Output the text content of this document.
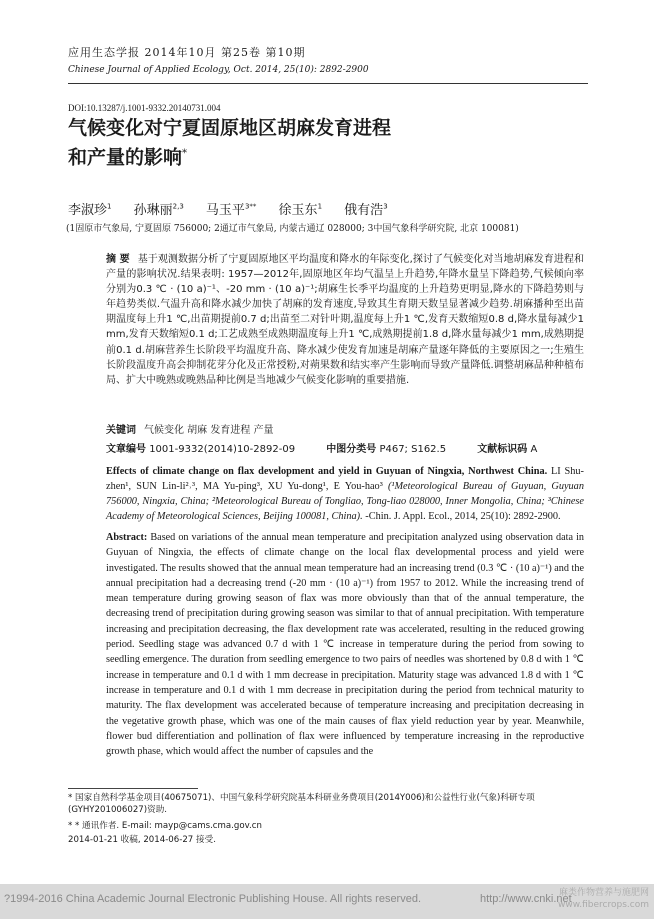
应用生态学报 2014年10月 第25卷 第10期
Chinese Journal of Applied Ecology, Oct. 2014, 25(10): 2892-2900
DOI:10.13287/j.1001-9332.20140731.004
气候变化对宁夏固原地区胡麻发育进程
和产量的影响*
李淑珍$^1$ 孙琳丽$^{2,3}$ 马玉平$^{3**}$ 徐玉东$^1$ 俄有浩$^3$
(1固原市气象局, 宁夏固原 756000; 2通辽市气象局, 内蒙古通辽 028000; 3中国气象科学研究院, 北京 100081)
摘 要 基于观测数据分析了宁夏固原地区平均温度和降水的年际变化,探讨了气候变化对当地胡麻发育进程和产量的影响状况.结果表明: 1957—2012年,固原地区年均气温呈上升趋势,年降水量呈下降趋势,气候倾向率分别为0.3 ℃ · (10 a)⁻¹、-20 mm · (10 a)⁻¹;胡麻生长季平均温度的上升趋势更明显,降水的下降趋势则与年趋势类似.气温升高和降水减少加快了胡麻的发育速度,导致其生育期天数呈显著减少趋势.胡麻播种至出苗期温度每上升1 ℃,出苗期提前0.7 d;出苗至二对针叶期,温度每上升1 ℃,发育天数缩短0.8 d,降水量每减少1 mm,发育天数缩短0.1 d;工艺成熟至成熟期温度每上升1 ℃,成熟期提前1.8 d,降水量每减少1 mm,成熟期提前0.1 d.胡麻营养生长阶段平均温度升高、降水减少使发育加速是胡麻产量逐年降低的主要原因之一;生殖生长阶段温度升高会抑制花芽分化及正常授粉,对蒴果数和结实率产生影响而导致产量降低.调整胡麻品种种植布局、扩大中晚熟或晚熟品种比例是当地减少气候变化影响的重要措施.
关键词 气候变化 胡麻 发育进程 产量
文章编号 1001-9332(2014)10-2892-09	中图分类号 P467; S162.5	文献标识码 A
Effects of climate change on flax development and yield in Guyuan of Ningxia, Northwest China. LI Shu-zhen¹, SUN Lin-li²˒³, MA Yu-ping³, XU Yu-dong¹, E You-hao³ (¹Meteorological Bureau of Guyuan, Guyuan 756000, Ningxia, China; ²Meteorological Bureau of Tongliao, Tong-liao 028000, Inner Mongolia, China; ³Chinese Academy of Meteorological Sciences, Beijing 100081, China). -Chin. J. Appl. Ecol., 2014, 25(10): 2892-2900.
Abstract: Based on variations of the annual mean temperature and precipitation analyzed using observation data in Guyuan of Ningxia, the effects of climate change on the local flax developmental process and yield were investigated. The results showed that the annual mean temperature had an increasing trend (0.3 ℃ · (10 a)⁻¹) and the annual precipitation had a decreasing trend (-20 mm · (10 a)⁻¹) from 1957 to 2012. While the increasing trend of mean temperature during growing season of flax was more obviously than that of the annual temperature, the decreasing trend of precipitation during growing season was similar to that of annual precipitation. With temperature increasing and precipitation decreasing, the flax development rate was accelerated, resulting in the reduced growing period. Seedling stage was advanced 0.7 d with 1 ℃ increase in temperature during the period from sowing to seedling emergence. The duration from seedling emergence to two pairs of needles was shortened by 0.8 d with 1 ℃ increase in temperature and 0.1 d with 1 mm decrease in precipitation. Maturity stage was advanced 1.8 d with 1 ℃ increase in temperature and 0.1 d with 1 mm decrease in precipitation during the period from technical maturity to maturity. The flax development was accelerated because of temperature increasing and precipitation decreasing in the vegetative growth phase, which was one of the main causes of flax yield reduction year by year. Meanwhile, flower bud differentiation and pollination of flax were influenced by temperature increasing in the reproductive growth phase, which would affect the number of capsules and the
* 国家自然科学基金项目(40675071)、中国气象科学研究院基本科研业务费项目(2014Y006)和公益性行业(气象)科研专项(GYHY201006027)资助.
* * 通讯作者. E-mail: mayp@cams.cma.gov.cn
2014-01-21 收稿, 2014-06-27 接受.
?1994-2016 China Academic Journal Electronic Publishing House. All rights reserved.	http://www.cnki.net
麻类作物营养与施肥网
www.fibercrops.com
